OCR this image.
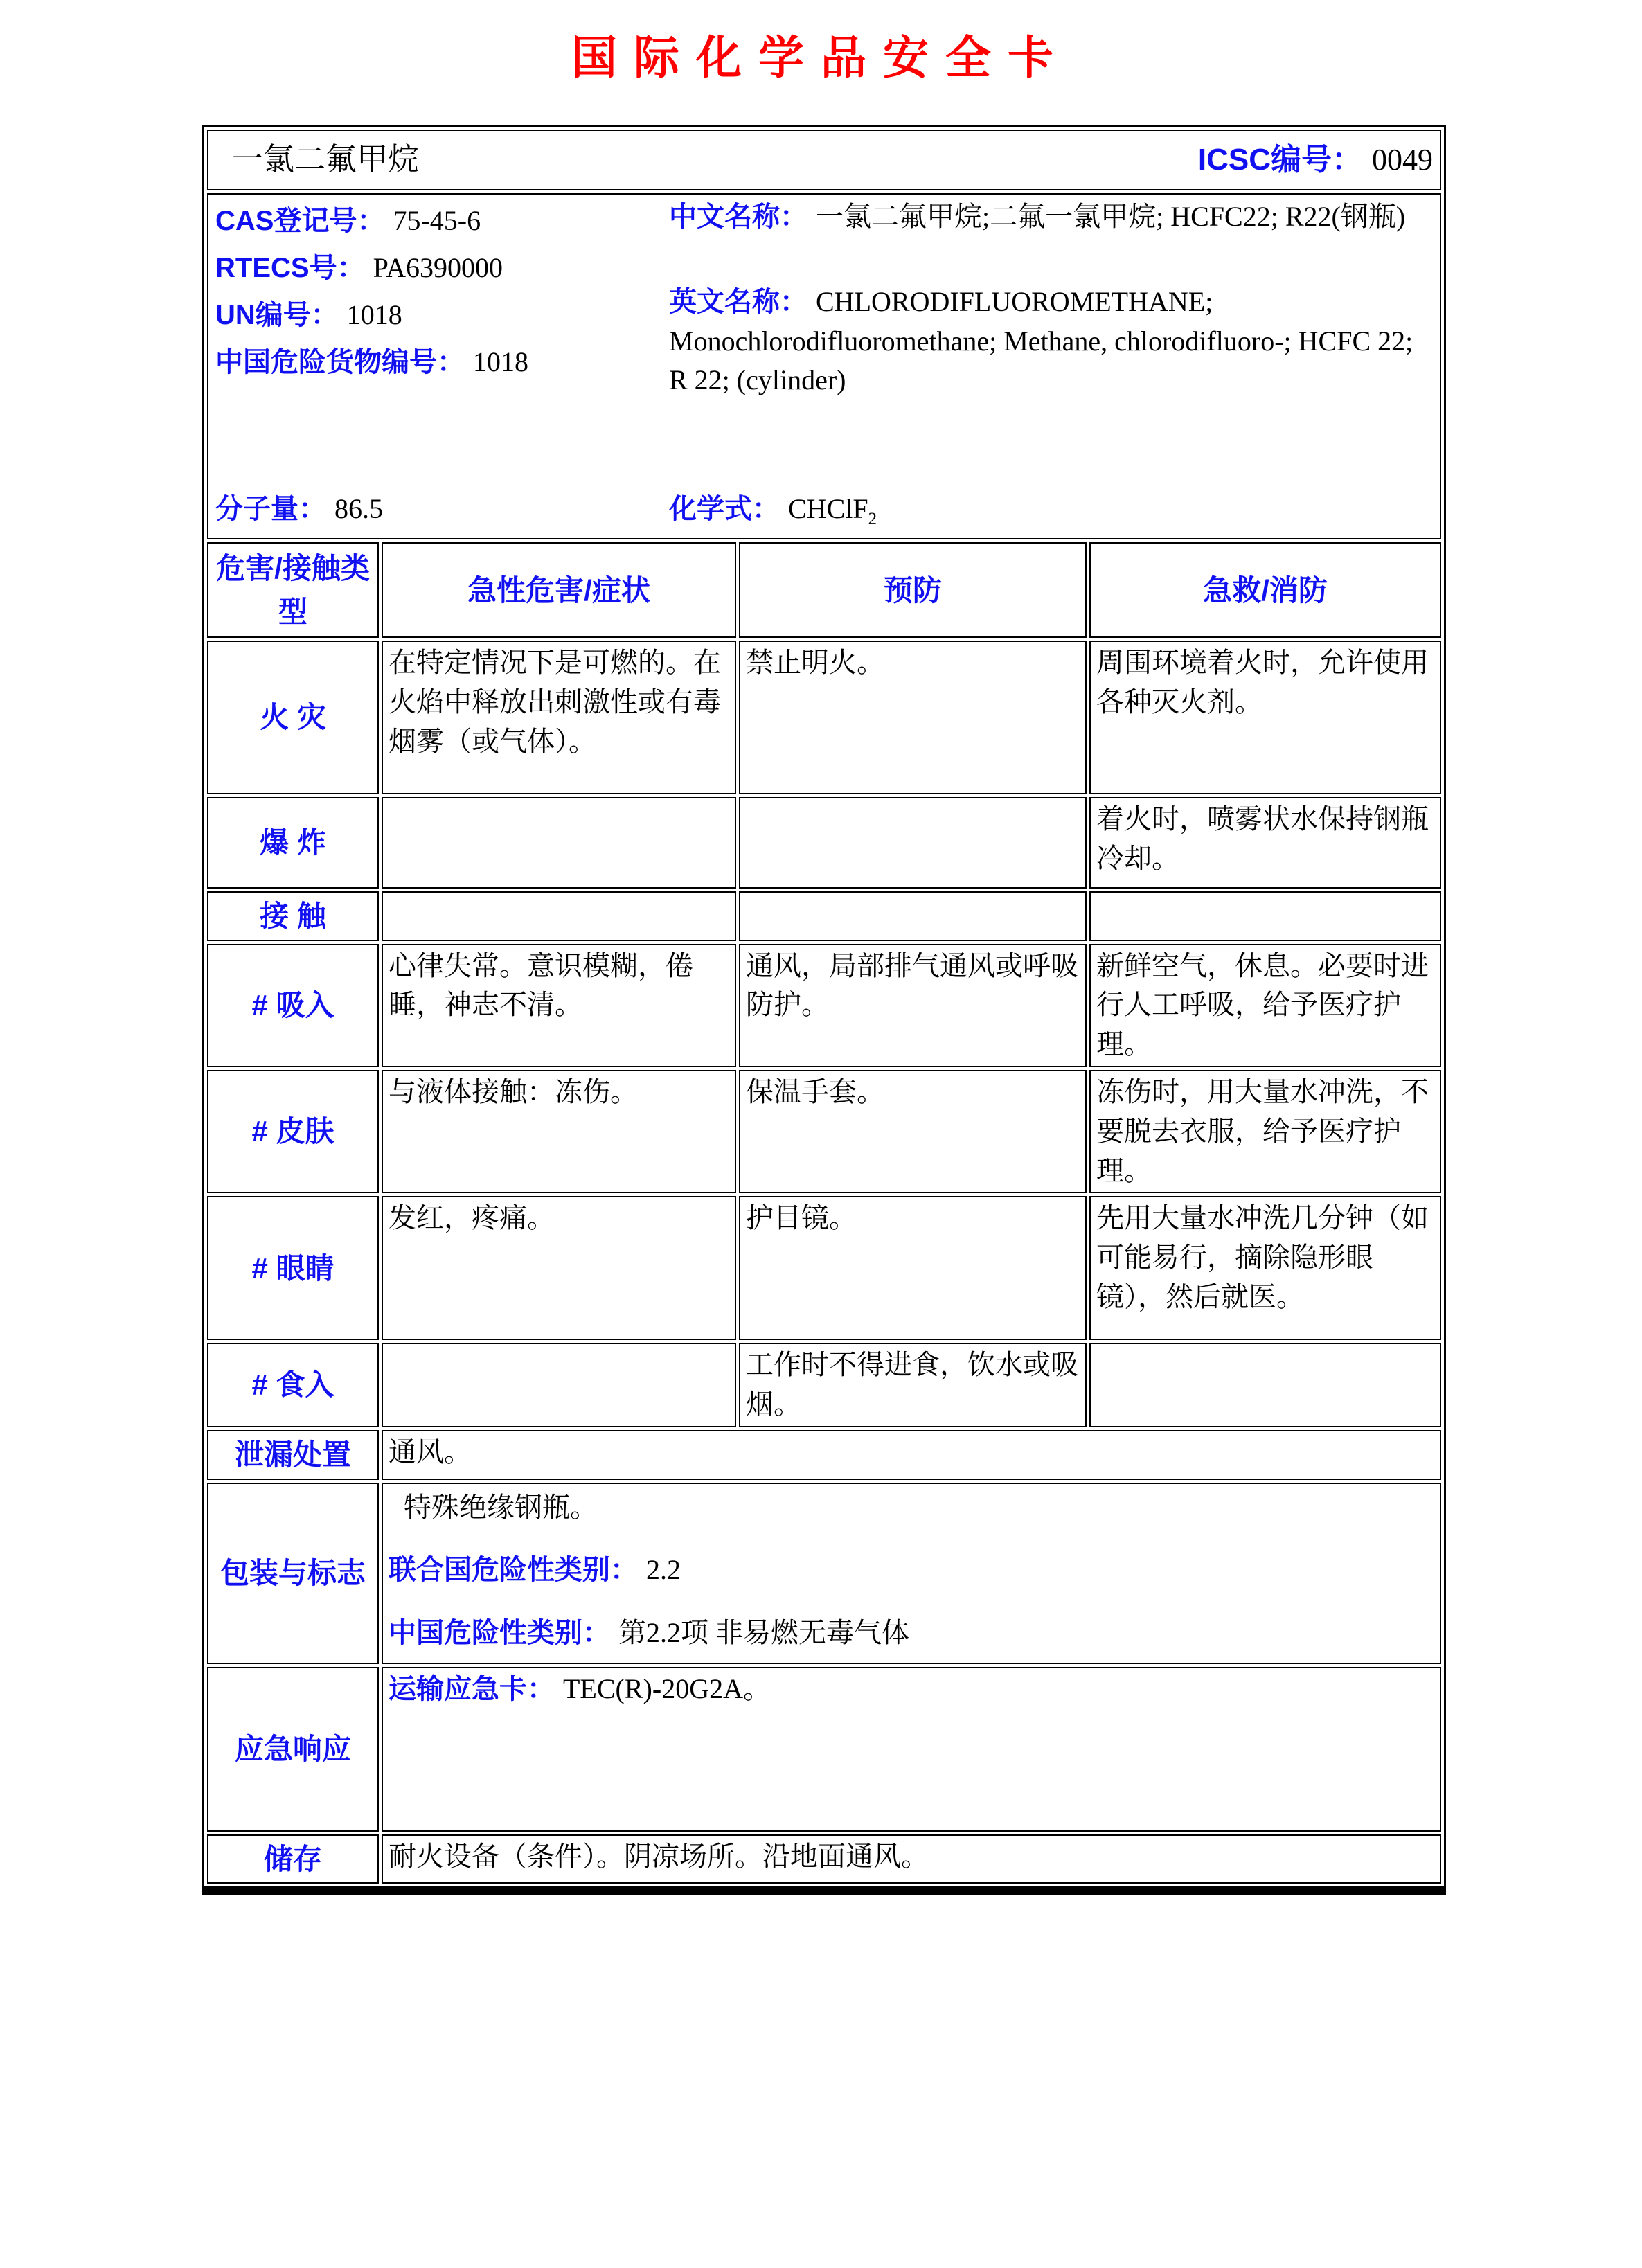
国际化学品安全卡
一氯二氟甲烷 ICSC编号： 0049			

CAS登记号： 75-45-6
RTECS号： PA6390000
UN编号： 1018
中国危险货物编号： 1018

中文名称： 一氯二氟甲烷;二氟一氯甲烷; HCFC22; R22(钢瓶)

英文名称： CHLORODIFLUOROMETHANE; Monochlorodifluoromethane; Methane, chlorodifluoro-; HCFC 22; R 22; (cylinder)

分子量： 86.5	化学式： CHClF$_2$

危害/接触类型	急性危害/症状	预防	急救/消防
火 灾	在特定情况下是可燃的。在火焰中释放出刺激性或有毒烟雾（或气体）。	禁止明火。	周围环境着火时，允许使用各种灭火剂。
爆 炸			着火时，喷雾状水保持钢瓶冷却。
接 触			
# 吸入	心律失常。意识模糊，倦睡，神志不清。	通风，局部排气通风或呼吸防护。	新鲜空气，休息。必要时进行人工呼吸，给予医疗护理。
# 皮肤	与液体接触：冻伤。	保温手套。	冻伤时，用大量水冲洗，不要脱去衣服，给予医疗护理。
# 眼睛	发红，疼痛。	护目镜。	先用大量水冲洗几分钟（如可能易行，摘除隐形眼镜），然后就医。
# 食入		工作时不得进食，饮水或吸烟。	
泄漏处置	通风。		
包装与标志	特殊绝缘钢瓶。

联合国危险性类别： 2.2

中国危险性类别： 第2.2项 非易燃无毒气体		

应急响应	运输应急卡： TEC(R)-20G2A。		

储存	耐火设备（条件）。阴凉场所。沿地面通风。		
